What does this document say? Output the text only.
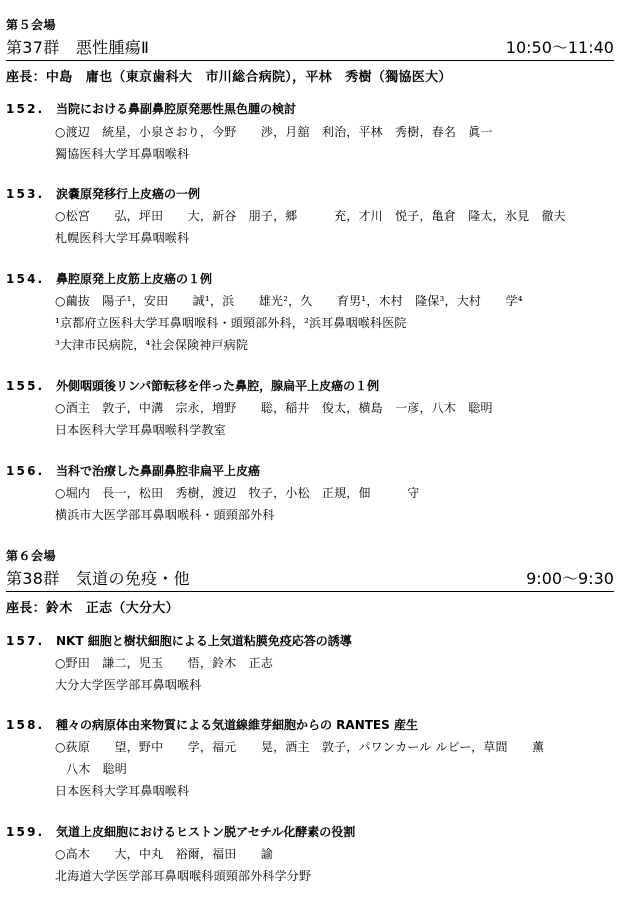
第５会場
第37群　悪性腫瘍Ⅱ	10:50〜11:40
座長：中島　庸也（東京歯科大　市川総合病院），平林　秀樹（獨協医大）
152. 当院における鼻副鼻腔原発悪性黒色腫の検討
○渡辺　統星，小泉さおり，今野　　渉，月舘　利治，平林　秀樹，春名　眞一
獨協医科大学耳鼻咽喉科
153. 涙嚢原発移行上皮癌の一例
○松宮　　弘，坪田　　大，新谷　朋子，郷　　　充，才川　悦子，亀倉　隆太，氷見　徹夫
札幌医科大学耳鼻咽喉科
154. 鼻腔原発上皮筋上皮癌の１例
○繭抜　陽子¹，安田　　誠¹，浜　　雄光²，久　　育男¹，木村　隆保³，大村　　学⁴
¹京都府立医科大学耳鼻咽喉科・頭頸部外科，²浜耳鼻咽喉科医院
³大津市民病院，⁴社会保険神戸病院
155. 外側咽頭後リンパ節転移を伴った鼻腔，腺扁平上皮癌の１例
○酒主　敦子，中溝　宗永，増野　　聡，稲井　俊太，横島　一彦，八木　聡明
日本医科大学耳鼻咽喉科学教室
156. 当科で治療した鼻副鼻腔非扁平上皮癌
○堀内　長一，松田　秀樹，渡辺　牧子，小松　正規，佃　　　守
横浜市大医学部耳鼻咽喉科・頭頸部外科
第６会場
第38群　気道の免疫・他	9:00〜9:30
座長：鈴木　正志（大分大）
157. NKT 細胞と樹状細胞による上気道粘膜免疫応答の誘導
○野田　謙二，児玉　　悟，鈴木　正志
大分大学医学部耳鼻咽喉科
158. 種々の病原体由来物質による気道線維芽細胞からの RANTES 産生
○荻原　　望，野中　　学，福元　　晃，酒主　敦子，パワンカール ルビー，草間　　薫
八木　聡明
日本医科大学耳鼻咽喉科
159. 気道上皮細胞におけるヒストン脱アセチル化酵素の役割
○高木　　大，中丸　裕爾，福田　　諭
北海道大学医学部耳鼻咽喉科頭頸部外科学分野
